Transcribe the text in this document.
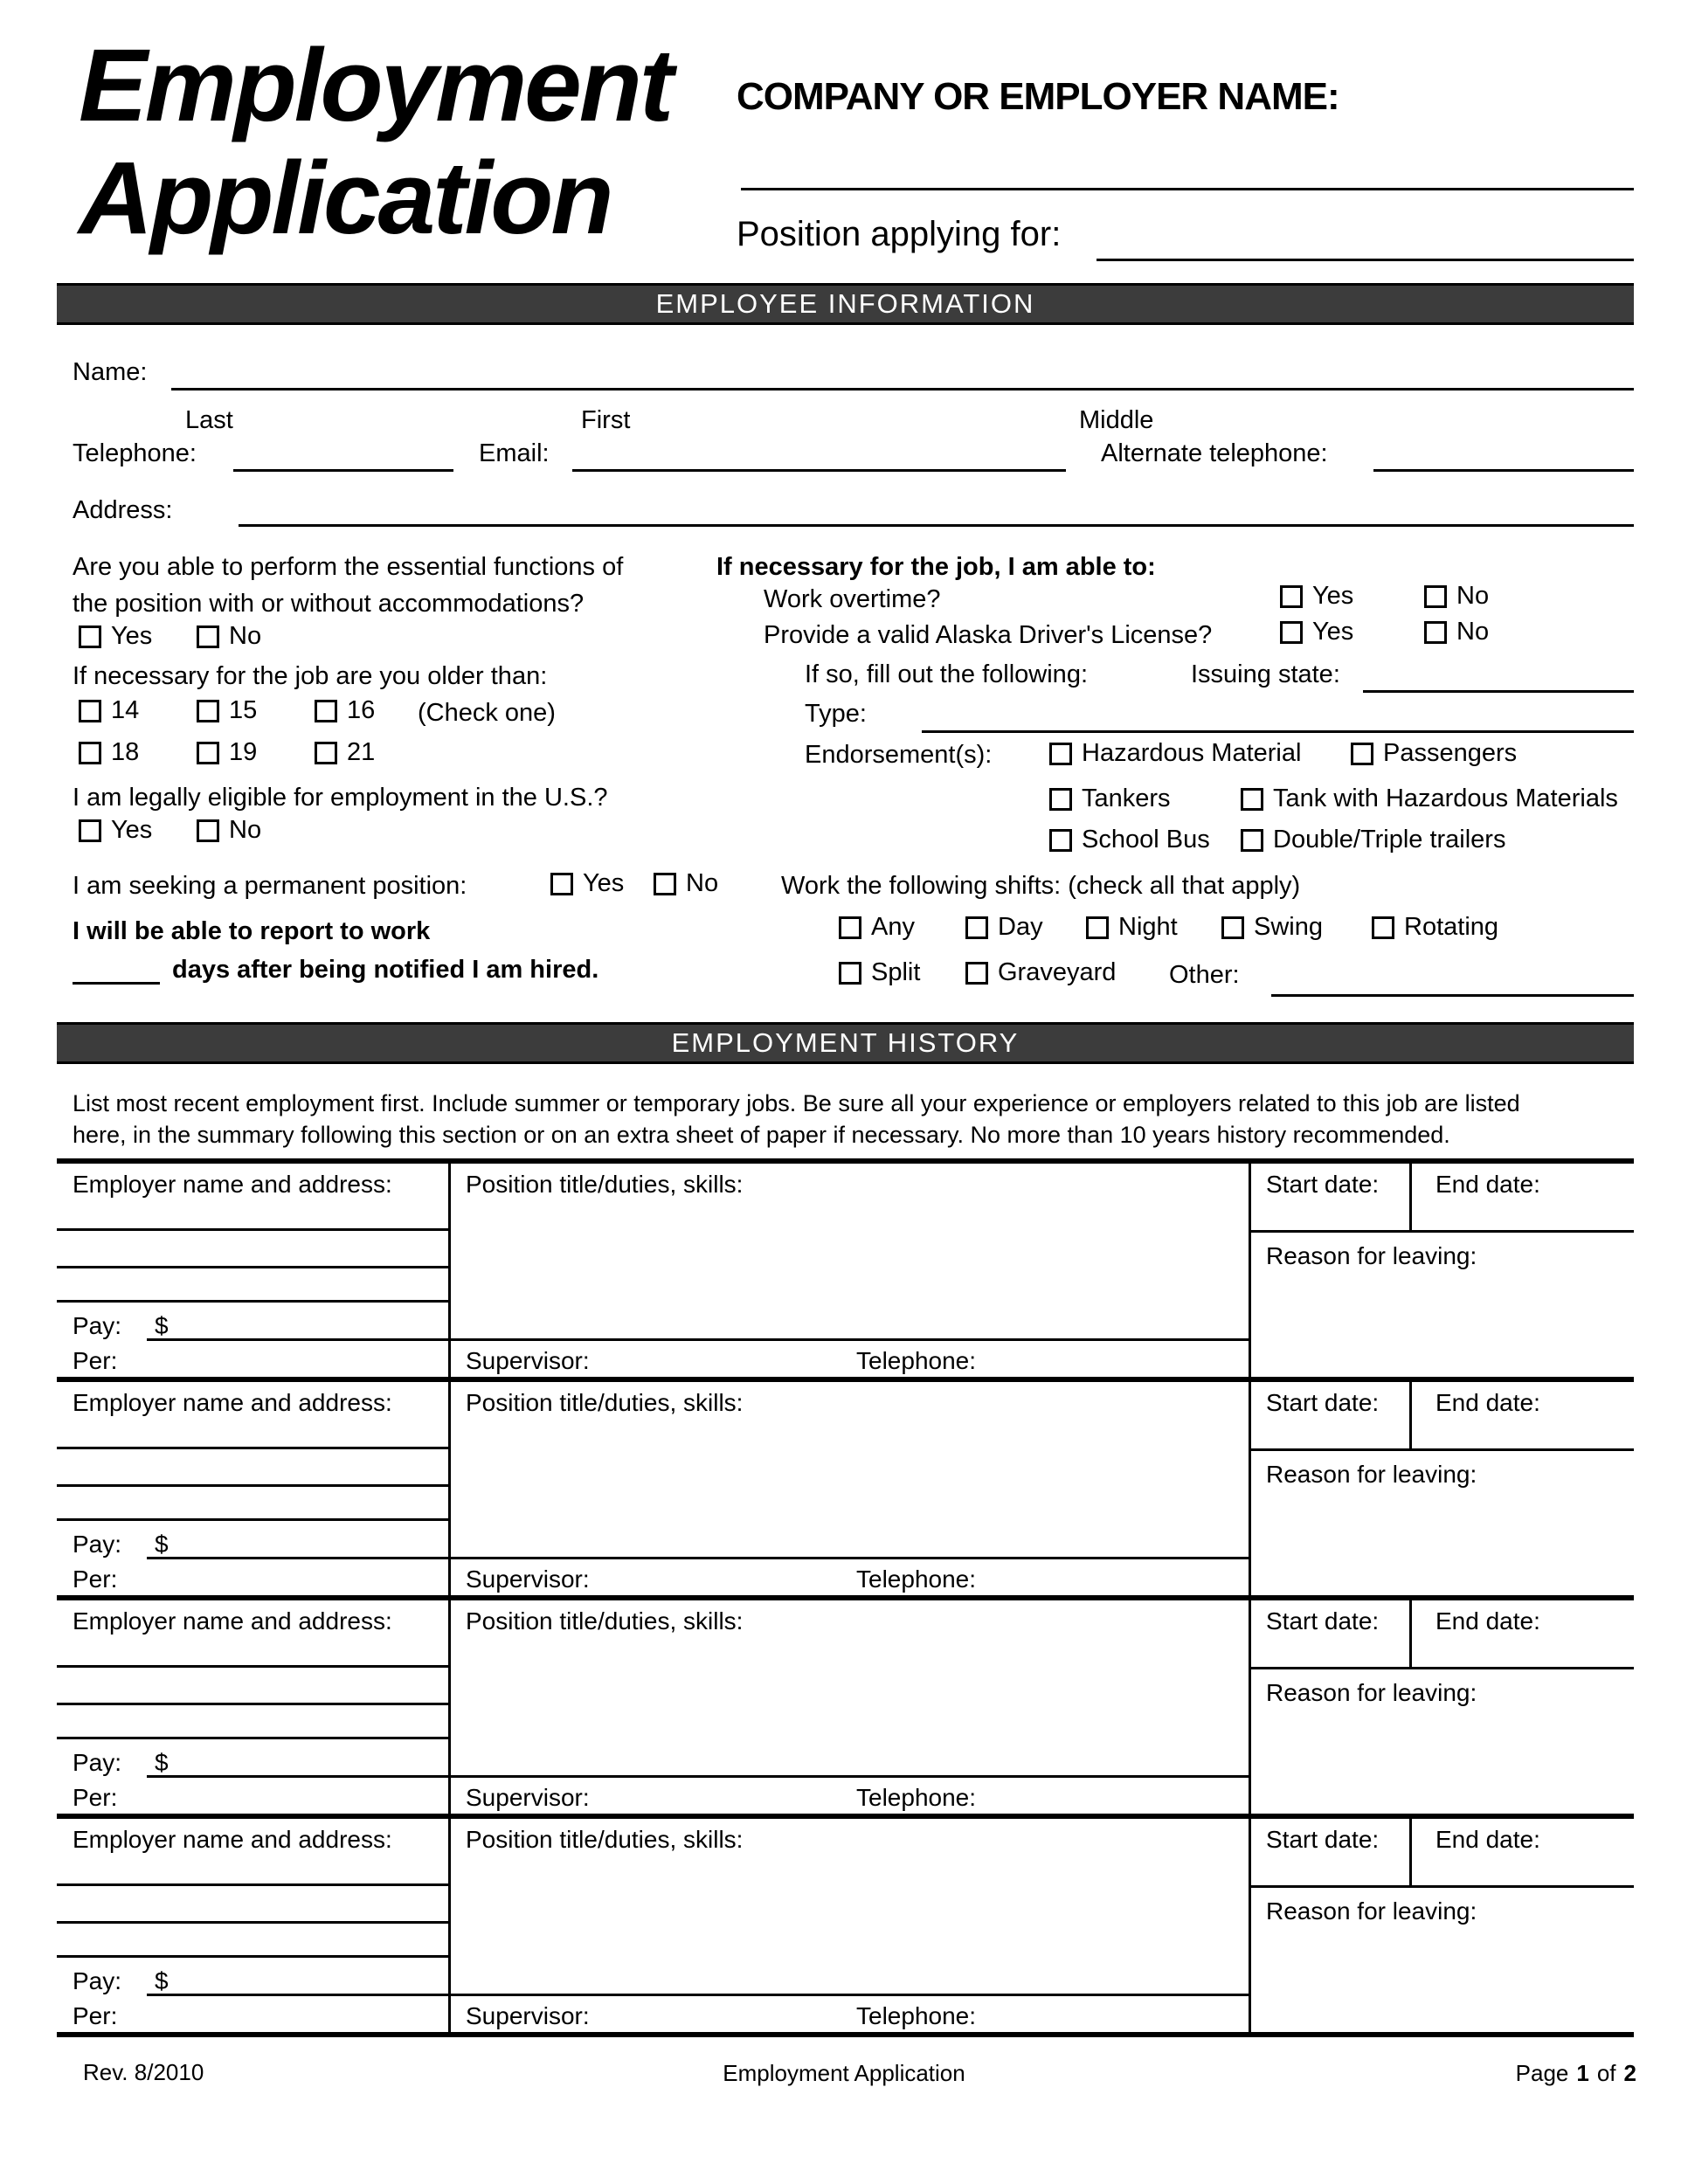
Employment
Application
COMPANY OR EMPLOYER NAME:
Position applying for:
EMPLOYEE INFORMATION
Name:
Last	First	Middle
Telephone:	Email:	Alternate telephone:
Address:
Are you able to perform the essential functions of
the position with or without accommodations?
Yes	No
If necessary for the job are you older than:
14	15	16 (Check one)
18	19	21
I am legally eligible for employment in the U.S.?
Yes	No
I am seeking a permanent position:	Yes No
I will be able to report to work
days after being notified I am hired.
If necessary for the job, I am able to:
Work overtime?	Yes	No
Provide a valid Alaska Driver's License?	Yes	No
If so, fill out the following:	Issuing state:
Type:
Endorsement(s):	Hazardous Material	Passengers
Tankers	Tank with Hazardous Materials
School Bus Double/Triple trailers
Work the following shifts: (check all that apply)
Any	Day	Night	Swing	Rotating
Split	Graveyard Other:
EMPLOYMENT HISTORY
List most recent employment first. Include summer or temporary jobs. Be sure all your experience or employers related to this job are listed
here, in the summary following this section or on an extra sheet of paper if necessary. No more than 10 years history recommended.
Employer name and address:	Position title/duties, skills:	Start date: End date:
Reason for leaving:
Pay: $
Per:	Supervisor:	Telephone:
Employer name and address:	Position title/duties, skills:	Start date: End date:
Reason for leaving:
Pay: $
Per:	Supervisor:	Telephone:
Employer name and address:	Position title/duties, skills:	Start date: End date:
Reason for leaving:
Pay: $
Per:	Supervisor:	Telephone:
Employer name and address:	Position title/duties, skills:	Start date: End date:
Reason for leaving:
Pay: $
Per:	Supervisor:	Telephone:
Rev. 8/2010	Employment Application	Page 1 of 2
